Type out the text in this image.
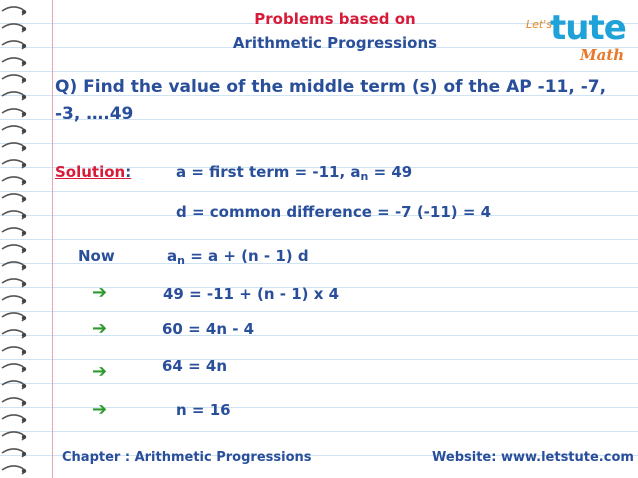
Problems based on
Arithmetic Progressions
Let's
tute
Math
Q) Find the value of the middle term (s) of the AP -11, -7, -3, ….49
Solution:	a = first term = -11, $a_n = 49$
d = common difference = -7 (-11) = 4
Now	$a_n = a + (n - 1)$ d
➔	49 = -11 + (n - 1) x 4
➔	60 = 4n - 4
➔	64 = 4n
➔	n = 16
Chapter : Arithmetic Progressions	Website: www.letstute.com
